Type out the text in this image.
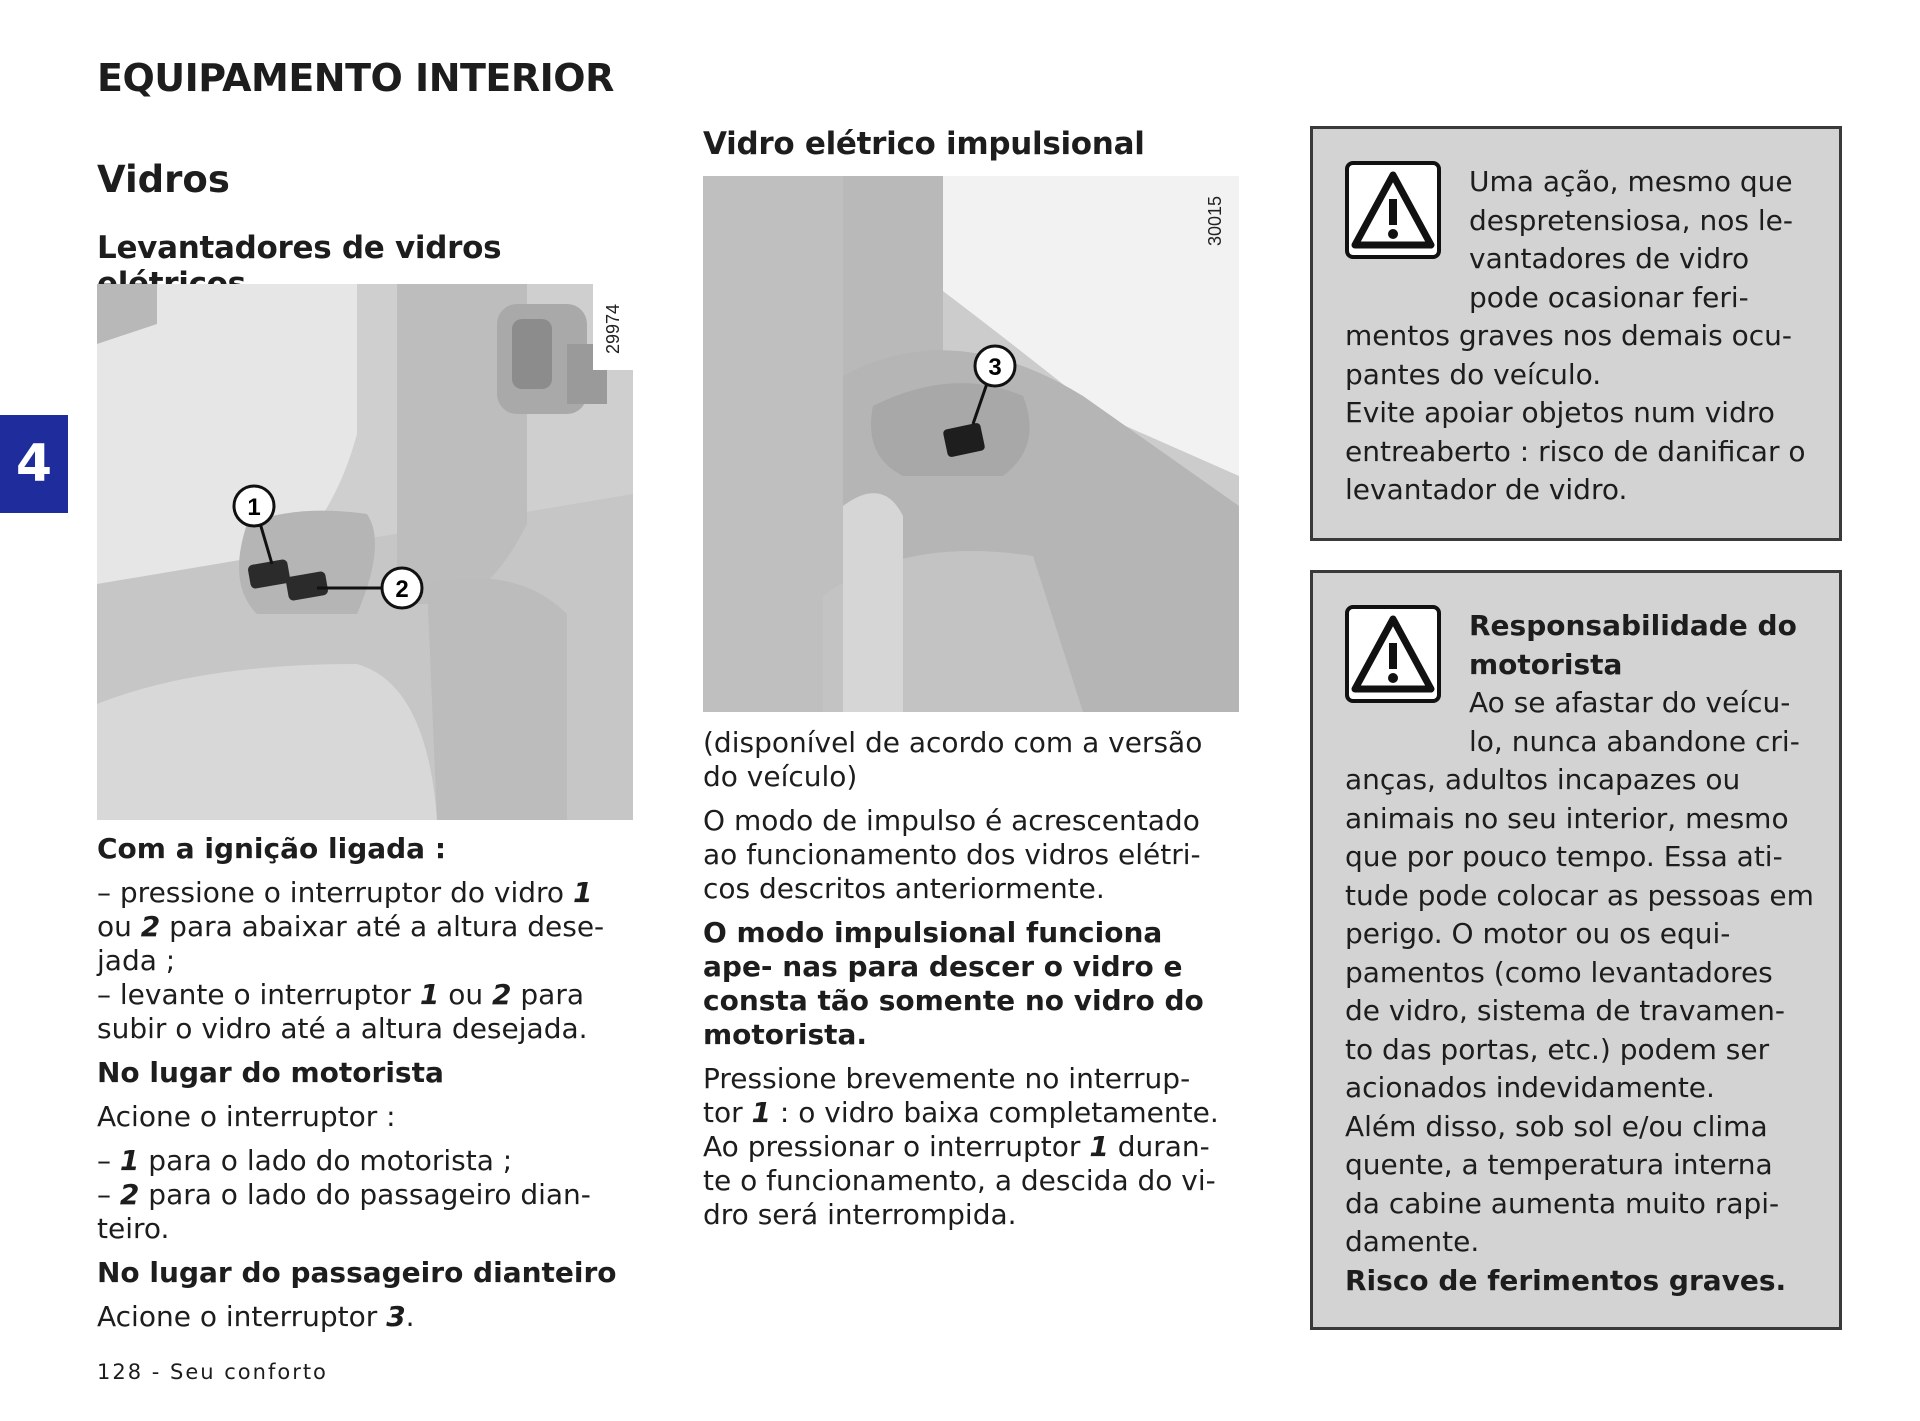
EQUIPAMENTO INTERIOR
4
Vidros
Levantadores de vidros
1
2
29974

Com a ignição ligada :

– pressione o interruptor do vidro 1
ou 2 para abaixar até a altura dese-
jada ;
– levante o interruptor 1 ou 2 para
subir o vidro até a altura desejada.

No lugar do motorista

Acione o interruptor :

– 1 para o lado do motorista ;
– 2 para o lado do passageiro dian-
teiro.

No lugar do passageiro dianteiro

Acione o interruptor 3.

Vidro elétrico impulsional
3
30015

(disponível de acordo com a versão do veículo)

O modo de impulso é acrescentado ao funcionamento dos vidros elétri- cos descritos anteriormente.

O modo impulsional funciona ape- nas para descer o vidro e consta tão somente no vidro do motorista.

Pressione brevemente no interrup- tor 1 : o vidro baixa completamente. Ao pressionar o interruptor 1 duran- te o funcionamento, a descida do vi- dro será interrompida.

Uma ação, mesmo que
despretensiosa, nos le-
vantadores de vidro
pode ocasionar feri-
mentos graves nos demais ocu- pantes do veículo.
Evite apoiar objetos num vidro entreaberto : risco de danificar o levantador de vidro.
Responsabilidade do motorista
Ao se afastar do veícu-
lo, nunca abandone cri-
anças, adultos incapazes ou animais no seu interior, mesmo que por pouco tempo. Essa ati- tude pode colocar as pessoas em perigo. O motor ou os equi- pamentos (como levantadores de vidro, sistema de travamen- to das portas, etc.) podem ser acionados indevidamente.
Além disso, sob sol e/ou clima quente, a temperatura interna da cabine aumenta muito rapi- damente.
Risco de ferimentos graves.
128 - Seu conforto
